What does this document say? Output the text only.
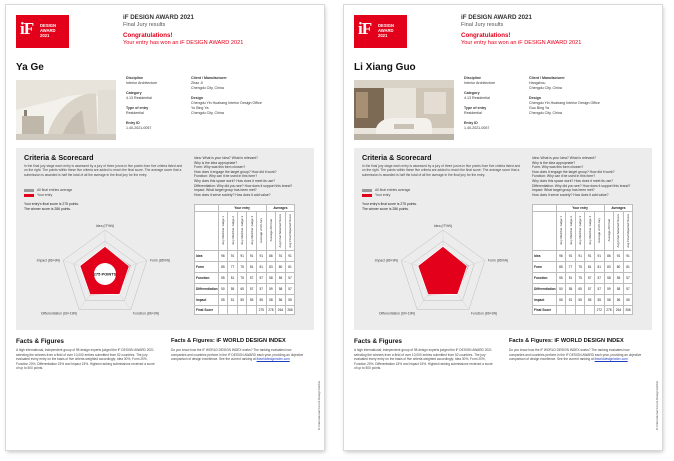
iF DESIGN
AWARD
2021
iF DESIGN AWARD 2021
Final Jury results
Congratulations!
Your entry has won an iF DESIGN AWARD 2021
Ya Ge
Discipline
Interior Architecture
Category
4.13 Residential
Type of entry
Residential
Entry ID
1.40-2021-0057
Client / Manufacturer
Zhao Ji
Chengdu City, China
Design
Chengdu Yin Huahang Interior Design Office
Yu Bing Ya
Chengdu City, China
Criteria & Scorecard
In the final jury stage each entry is assessed by a jury of three jurors in five points from five criteria listed and on the right. The points within these five criteria are added to reach the final score. The average score that a submission is awarded is half the total of all the average in the final jury for the entry.
All final entries average
Your entry
Your entry's final score is 275 points.
The winner score is 286 points.
Idea: What is your Idea? What is relevant?
Why is the idea appropriate?
Form: Why was this form chosen?
How does it engage the target group? How did it work?
Function: Why can it be used in this form?
Why does this space work? How does it meet its use?
Differentiation: Why did you see? How does it support this brand?
Impact: What target group has been met?
How does it serve society? How does it add value?
275 POINTS
Idea (IT%N)
Form (86%N)
Function (86+9N)
Differentiation (60+19N)
Impact (86+9N)
	Your entry					Averages		
	Jury Member Judge 1	Jury Member Judge 2	Jury Member Judge 3	Jury Member Judge 4	Average of All Jury	Average All Final	Avg Final Selected Score	Avg Final Rejected Score
Idea	96	91	91	91	91	86	91	91
Form	85	77	75	81	81	83	80	81
Function	55	51	75	57	57	58	55	57
Differentiation	50	55	65	57	57	59	58	57
Impact	55	51	55	55	55	58	56	55
Final Score					275	278	264	266
Facts & Figures	Facts & Figures: iF WORLD DESIGN INDEX
A high international, independent group of 98 design experts judged the iF DESIGN AWARD 2021 selecting the winners from a field of over 10,000 entries submitted from 52 countries. The jury evaluated every entry on the basis of five criteria weighted accordingly: Idea 30%, Form 20%, Function 20%, Differentiation 15% and Impact 15%. Highest ranking submissions received a score of up to 500 points.
Do you know how the iF WORLD DESIGN INDEX works? The ranking evaluates how companies and countries perform in the iF DESIGN AWARD each year, providing an objective comparison of design excellence. See the current ranking at ifworlddesignindex.com
iF International Forum Design GmbH
iF DESIGN
AWARD
2021
iF DESIGN AWARD 2021
Final Jury results
Congratulations!
Your entry has won an iF DESIGN AWARD 2021
Li Xiang Guo
Discipline
Interior Architecture
Category
4.13 Residential
Type of entry
Residential
Entry ID
1.40-2021-0057
Client / Manufacturer
Hangzhou
Chengdu City, China
Design
Chengdu Yin Huahang Interior Design Office
Guo Bing Ya
Chengdu City, China
Criteria & Scorecard
In the final jury stage each entry is assessed by a jury of three jurors in five points from five criteria listed and on the right. The points within these five criteria are added to reach the final score. The average score that a submission is awarded is half the total of all the average in the final jury for the entry.
All final entries average
Your entry
Your entry's final score is 275 points.
The winner score is 286 points.
Idea: What is your Idea? What is relevant?
Why is the idea appropriate?
Form: Why was this form chosen?
How does it engage the target group? How did it work?
Function: Why can it be used in this form?
Why does this space work? How does it meet its use?
Differentiation: Why did you see? How does it support this brand?
Impact: What target group has been met?
How does it serve society? How does it add value?
Idea (IT%N)
Form (86%N)
Function (86+9N)
Differentiation (60+19N)
Impact (86+9N)
	Your entry					Averages		
	Jury Member Judge 1	Jury Member Judge 2	Jury Member Judge 3	Jury Member Judge 4	Average of All Jury	Average All Final	Avg Final Selected Score	Avg Final Rejected Score
Idea	96	91	91	91	91	86	91	91
Form	85	77	75	81	81	83	80	81
Function	55	51	75	57	57	58	55	57
Differentiation	50	55	65	57	57	59	58	57
Impact	55	51	55	55	55	58	56	55
Final Score					272	278	264	266
Facts & Figures	Facts & Figures: iF WORLD DESIGN INDEX
A high international, independent group of 98 design experts judged the iF DESIGN AWARD 2021 selecting the winners from a field of over 10,000 entries submitted from 52 countries. The jury evaluated every entry on the basis of five criteria weighted accordingly: Idea 30%, Form 20%, Function 20%, Differentiation 15% and Impact 15%. Highest ranking submissions received a score of up to 500 points.
Do you know how the iF WORLD DESIGN INDEX works? The ranking evaluates how companies and countries perform in the iF DESIGN AWARD each year, providing an objective comparison of design excellence. See the current ranking at ifworlddesignindex.com
iF International Forum Design GmbH
